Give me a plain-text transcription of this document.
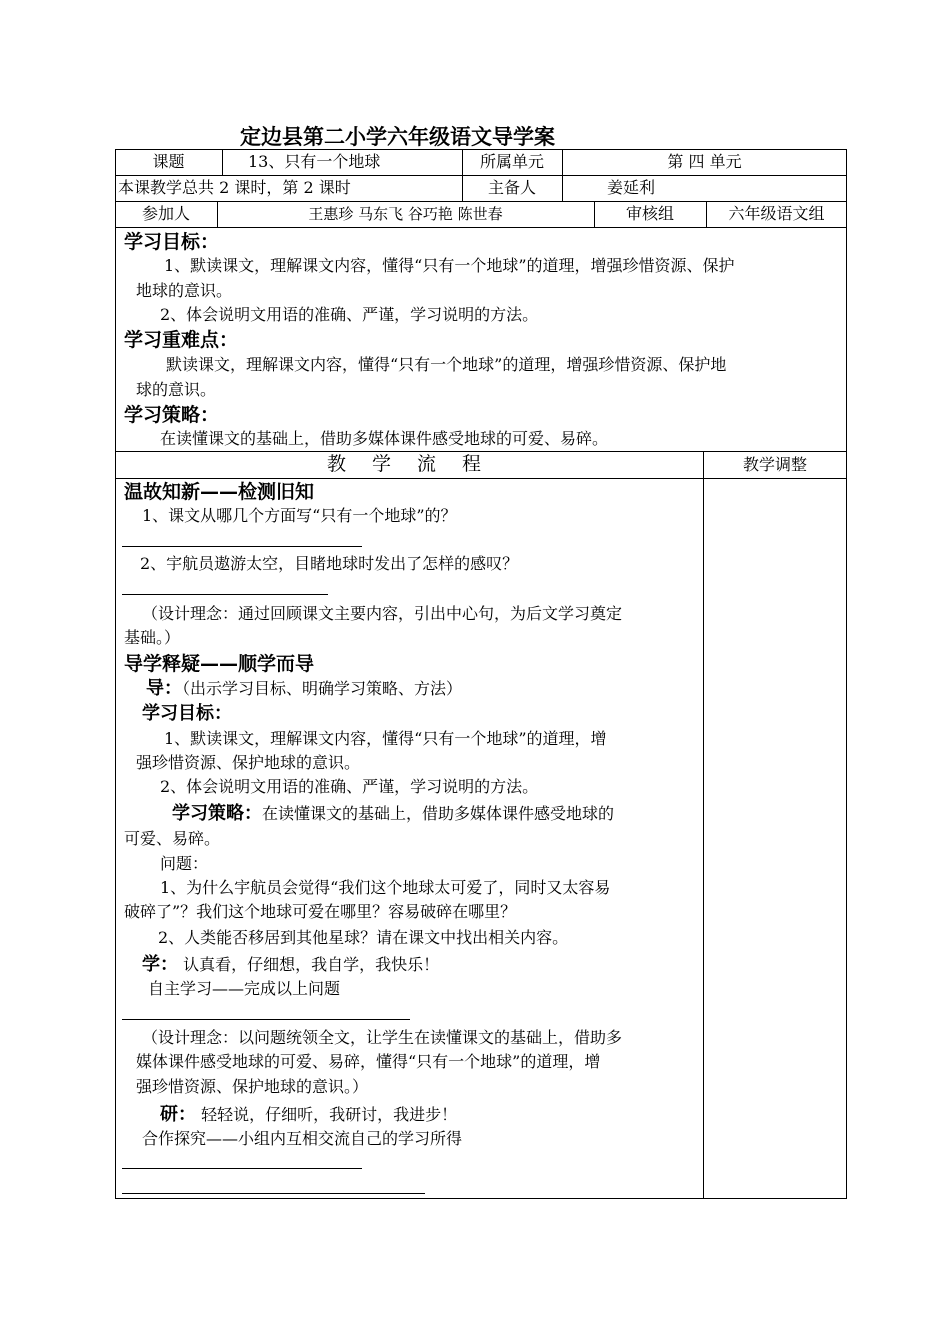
定边县第二小学六年级语文导学案
课题	13、只有一个地球	所属单元	第 四 单元
本课教学总共 2 课时，第 2 课时	主备人	姜延利
参加人	王惠珍 马东飞 谷巧艳 陈世春	审核组	六年级语文组
学习目标：
1、默读课文，理解课文内容，懂得“只有一个地球”的道理，增强珍惜资源、保护
地球的意识。
2、体会说明文用语的准确、严谨，学习说明的方法。
学习重难点：
默读课文，理解课文内容，懂得“只有一个地球”的道理，增强珍惜资源、保护地
球的意识。
学习策略：
在读懂课文的基础上，借助多媒体课件感受地球的可爱、易碎。
教 学 流 程	教学调整
温故知新——检测旧知
1、课文从哪几个方面写“只有一个地球”的？
2、宇航员遨游太空，目睹地球时发出了怎样的感叹？
（设计理念：通过回顾课文主要内容，引出中心句，为后文学习奠定
基础。）
导学释疑——顺学而导
导：（出示学习目标、明确学习策略、方法）
学习目标：
1、默读课文，理解课文内容，懂得“只有一个地球”的道理，增
强珍惜资源、保护地球的意识。
2、体会说明文用语的准确、严谨，学习说明的方法。
学习策略：在读懂课文的基础上，借助多媒体课件感受地球的
可爱、易碎。
问题：
1、为什么宇航员会觉得“我们这个地球太可爱了，同时又太容易
破碎了”？我们这个地球可爱在哪里？容易破碎在哪里？
2、人类能否移居到其他星球？请在课文中找出相关内容。
学： 认真看，仔细想，我自学，我快乐！
自主学习——完成以上问题
（设计理念：以问题统领全文，让学生在读懂课文的基础上，借助多
媒体课件感受地球的可爱、易碎，懂得“只有一个地球”的道理，增
强珍惜资源、保护地球的意识。）
研： 轻轻说，仔细听，我研讨，我进步！
合作探究——小组内互相交流自己的学习所得
